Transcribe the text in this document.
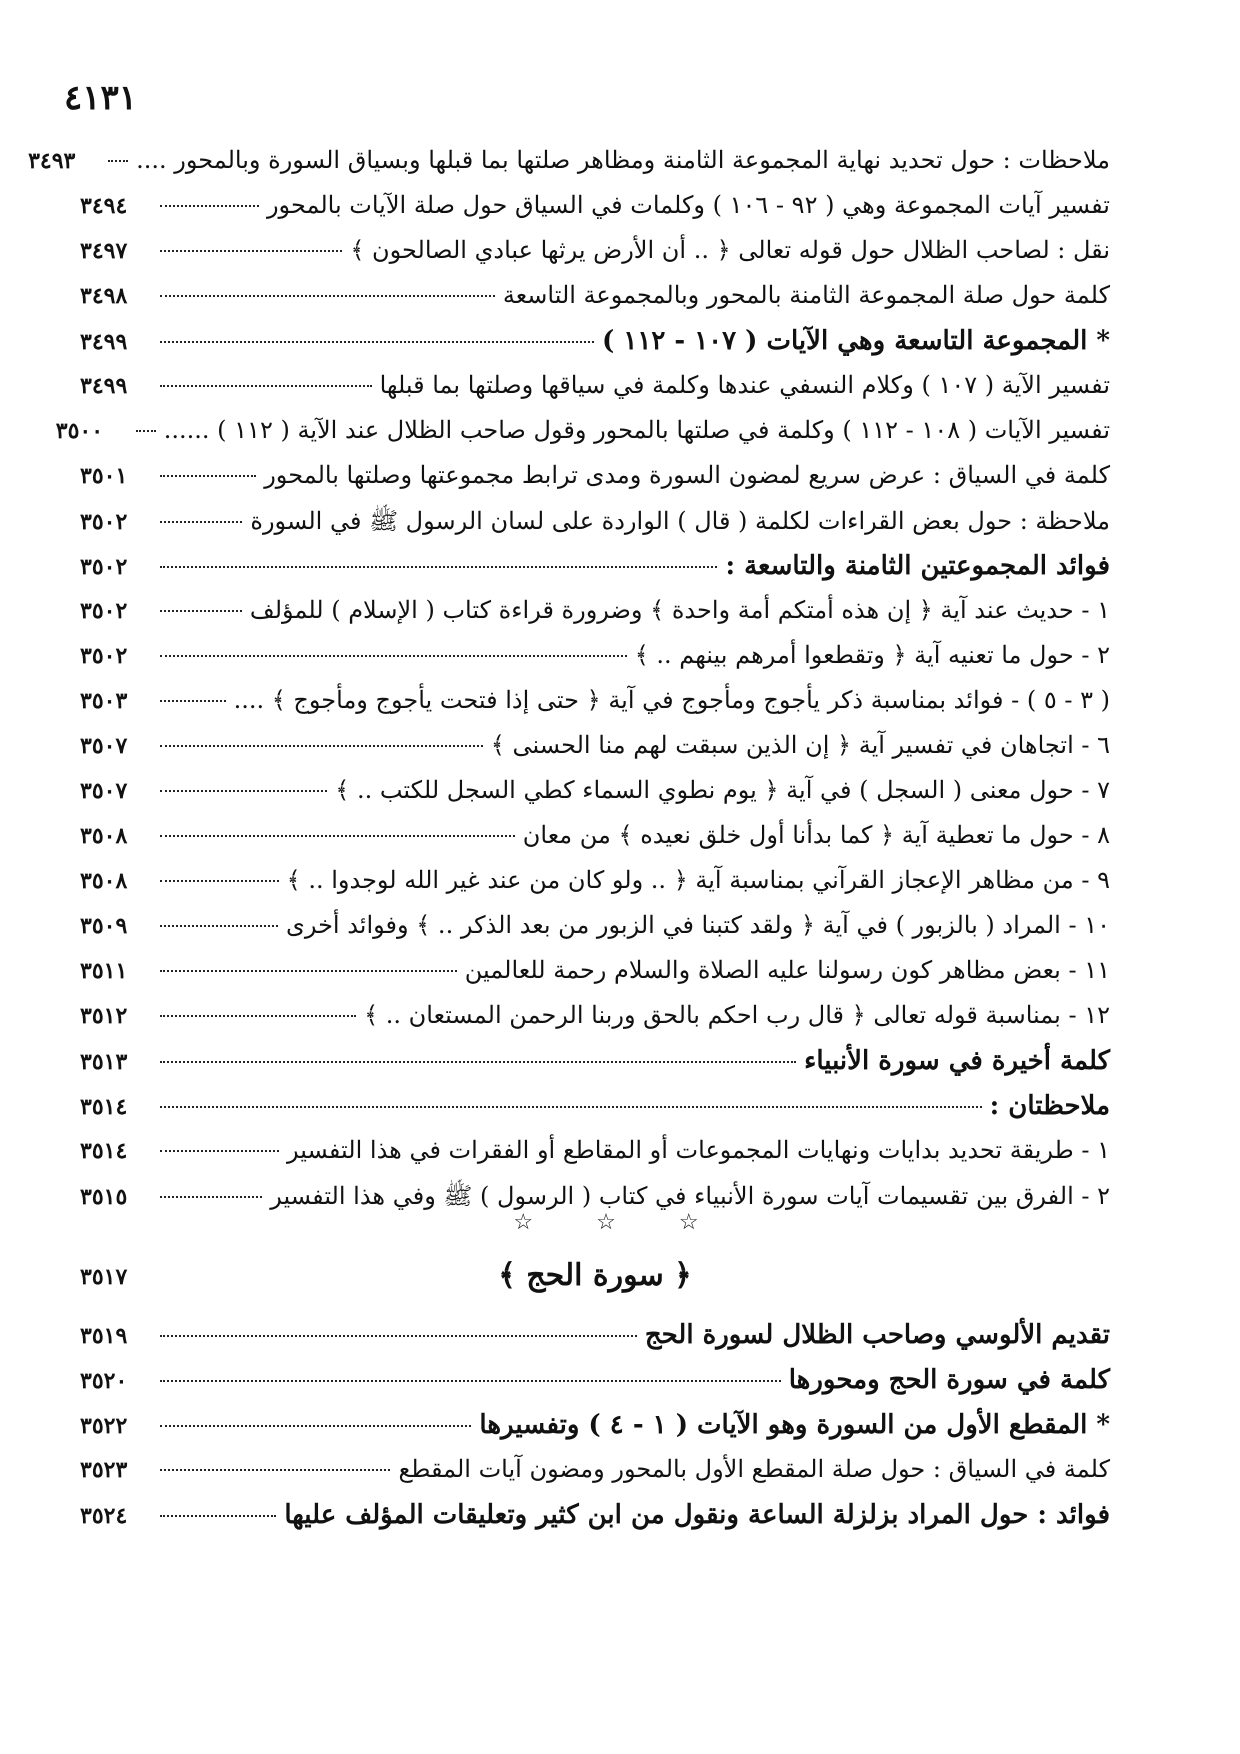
٤١٣١
ملاحظات : حول تحديد نهاية المجموعة الثامنة ومظاهر صلتها بما قبلها وبسياق السورة وبالمحور ....
٣٤٩٣
تفسير آيات المجموعة وهي ( ٩٢ - ١٠٦ ) وكلمات في السياق حول صلة الآيات بالمحور
٣٤٩٤
نقل : لصاحب الظلال حول قوله تعالى ﴿ .. أن الأرض يرثها عبادي الصالحون ﴾
٣٤٩٧
كلمة حول صلة المجموعة الثامنة بالمحور وبالمجموعة التاسعة
٣٤٩٨
* المجموعة التاسعة وهي الآيات ( ١٠٧ - ١١٢ )
٣٤٩٩
تفسير الآية ( ١٠٧ ) وكلام النسفي عندها وكلمة في سياقها وصلتها بما قبلها
٣٤٩٩
تفسير الآيات ( ١٠٨ - ١١٢ ) وكلمة في صلتها بالمحور وقول صاحب الظلال عند الآية ( ١١٢ ) ......
٣٥٠٠
كلمة في السياق : عرض سريع لمضون السورة ومدى ترابط مجموعتها وصلتها بالمحور
٣٥٠١
ملاحظة : حول بعض القراءات لكلمة ( قال ) الواردة على لسان الرسول ﷺ في السورة
٣٥٠٢
فوائد المجموعتين الثامنة والتاسعة :
٣٥٠٢
١ - حديث عند آية ﴿ إن هذه أمتكم أمة واحدة ﴾ وضرورة قراءة كتاب ( الإسلام ) للمؤلف
٣٥٠٢
٢ - حول ما تعنيه آية ﴿ وتقطعوا أمرهم بينهم .. ﴾
٣٥٠٢
( ٣ - ٥ ) - فوائد بمناسبة ذكر يأجوج ومأجوج في آية ﴿ حتى إذا فتحت يأجوج ومأجوج ﴾ ....
٣٥٠٣
٦ - اتجاهان في تفسير آية ﴿ إن الذين سبقت لهم منا الحسنى ﴾
٣٥٠٧
٧ - حول معنى ( السجل ) في آية ﴿ يوم نطوي السماء كطي السجل للكتب .. ﴾
٣٥٠٧
٨ - حول ما تعطية آية ﴿ كما بدأنا أول خلق نعيده ﴾ من معان
٣٥٠٨
٩ - من مظاهر الإعجاز القرآني بمناسبة آية ﴿ .. ولو كان من عند غير الله لوجدوا .. ﴾
٣٥٠٨
١٠ - المراد ( بالزبور ) في آية ﴿ ولقد كتبنا في الزبور من بعد الذكر .. ﴾ وفوائد أخرى
٣٥٠٩
١١ - بعض مظاهر كون رسولنا عليه الصلاة والسلام رحمة للعالمين
٣٥١١
١٢ - بمناسبة قوله تعالى ﴿ قال رب احكم بالحق وربنا الرحمن المستعان .. ﴾
٣٥١٢
كلمة أخيرة في سورة الأنبياء
٣٥١٣
ملاحظتان :
٣٥١٤
١ - طريقة تحديد بدايات ونهايات المجموعات أو المقاطع أو الفقرات في هذا التفسير
٣٥١٤
٢ - الفرق بين تقسيمات آيات سورة الأنبياء في كتاب ( الرسول ) ﷺ وفي هذا التفسير
٣٥١٥
☆ ☆ ☆
﴿ سورة الحج ﴾
٣٥١٧
تقديم الألوسي وصاحب الظلال لسورة الحج
٣٥١٩
كلمة في سورة الحج ومحورها
٣٥٢٠
* المقطع الأول من السورة وهو الآيات ( ١ - ٤ ) وتفسيرها
٣٥٢٢
كلمة في السياق : حول صلة المقطع الأول بالمحور ومضون آيات المقطع
٣٥٢٣
فوائد : حول المراد بزلزلة الساعة ونقول من ابن كثير وتعليقات المؤلف عليها
٣٥٢٤
